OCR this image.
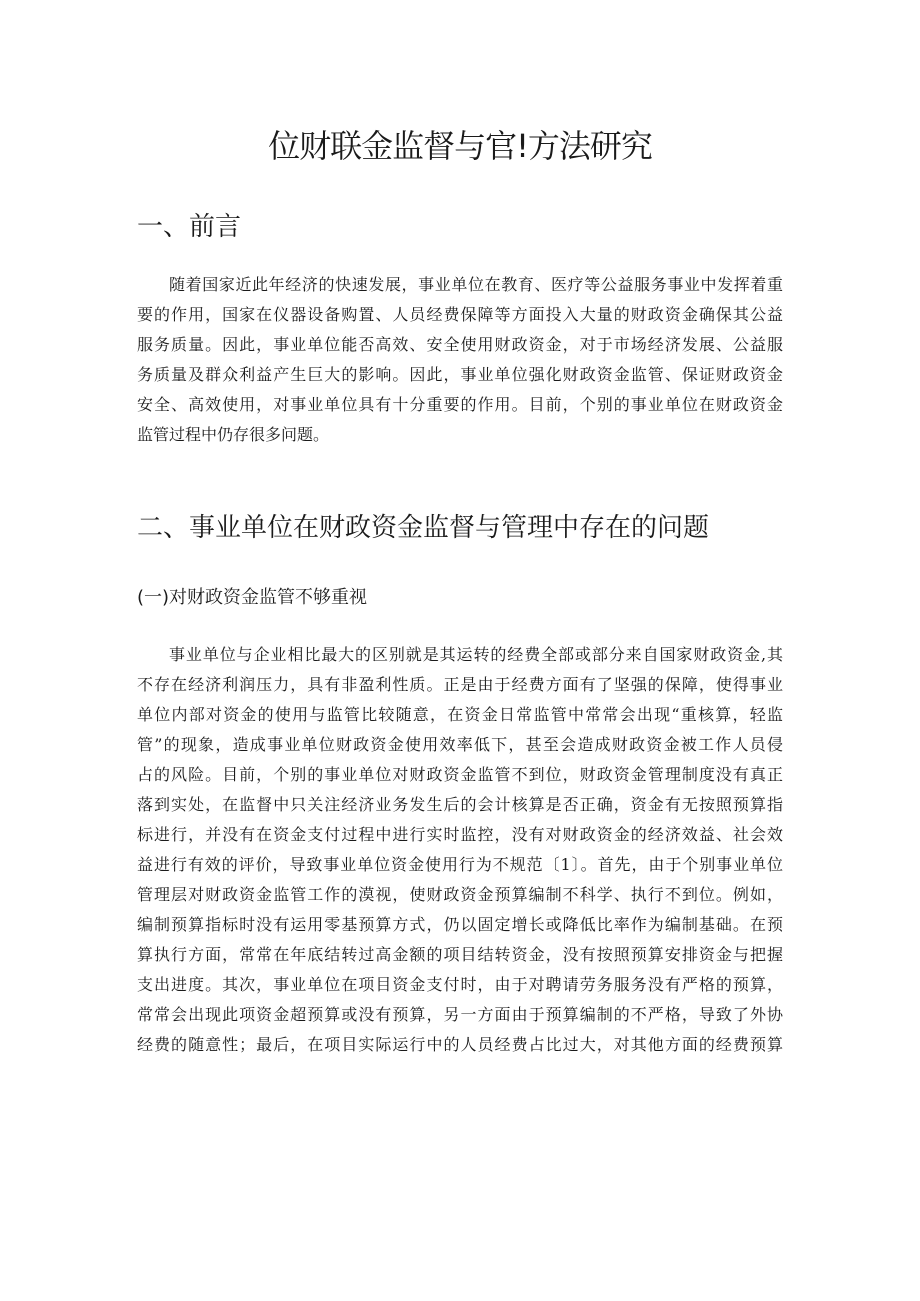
位财联金监督与官!方法研究
一、前言
随着国家近此年经济的快速发展，事业单位在教育、医疗等公益服务事业中发挥着重
要的作用，国家在仪器设备购置、人员经费保障等方面投入大量的财政资金确保其公益
服务质量。因此，事业单位能否高效、安全使用财政资金，对于市场经济发展、公益服
务质量及群众利益产生巨大的影响。因此，事业单位强化财政资金监管、保证财政资金
安全、高效使用，对事业单位具有十分重要的作用。目前，个别的事业单位在财政资金
监管过程中仍存很多问题。
二、事业单位在财政资金监督与管理中存在的问题
(一)对财政资金监管不够重视
事业单位与企业相比最大的区别就是其运转的经费全部或部分来自国家财政资金,其
不存在经济利润压力，具有非盈利性质。正是由于经费方面有了坚强的保障，使得事业
单位内部对资金的使用与监管比较随意，在资金日常监管中常常会出现“重核算，轻监
管”的现象，造成事业单位财政资金使用效率低下，甚至会造成财政资金被工作人员侵
占的风险。目前，个别的事业单位对财政资金监管不到位，财政资金管理制度没有真正
落到实处，在监督中只关注经济业务发生后的会计核算是否正确，资金有无按照预算指
标进行，并没有在资金支付过程中进行实时监控，没有对财政资金的经济效益、社会效
益进行有效的评价，导致事业单位资金使用行为不规范〔1〕。首先，由于个别事业单位
管理层对财政资金监管工作的漠视，使财政资金预算编制不科学、执行不到位。例如，
编制预算指标时没有运用零基预算方式，仍以固定增长或降低比率作为编制基础。在预
算执行方面，常常在年底结转过高金额的项目结转资金，没有按照预算安排资金与把握
支出进度。其次，事业单位在项目资金支付时，由于对聘请劳务服务没有严格的预算，
常常会出现此项资金超预算或没有预算，另一方面由于预算编制的不严格，导致了外协
经费的随意性；最后，在项目实际运行中的人员经费占比过大，对其他方面的经费预算
